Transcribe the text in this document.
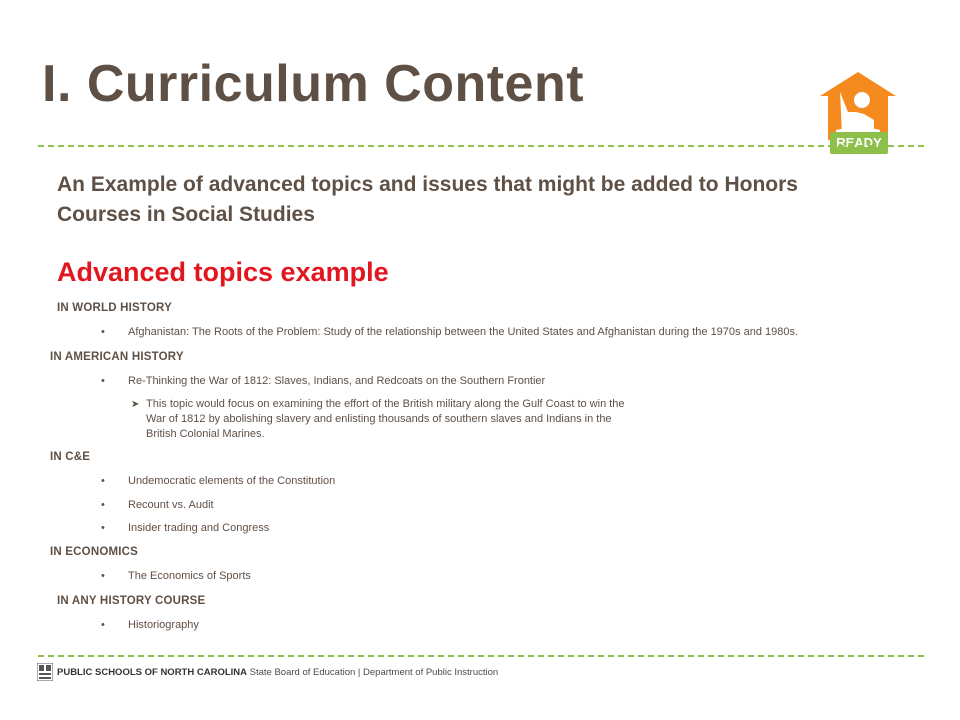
I. Curriculum Content
READY

An Example of advanced topics and issues that might be added to Honors Courses in Social Studies

Advanced topics example
IN WORLD HISTORY
• Afghanistan: The Roots of the Problem: Study of the relationship between the United States and Afghanistan during the 1970s and 1980s.
IN AMERICAN HISTORY
• Re-Thinking the War of 1812: Slaves, Indians, and Redcoats on the Southern Frontier
➤ This topic would focus on examining the effort of the British military along the Gulf Coast to win the War of 1812 by abolishing slavery and enlisting thousands of southern slaves and Indians in the British Colonial Marines.
IN C&E
• Undemocratic elements of the Constitution
• Recount vs. Audit
• Insider trading and Congress
IN ECONOMICS
• The Economics of Sports
IN ANY HISTORY COURSE
• Historiography
PUBLIC SCHOOLS OF NORTH CAROLINA State Board of Education | Department of Public Instruction
